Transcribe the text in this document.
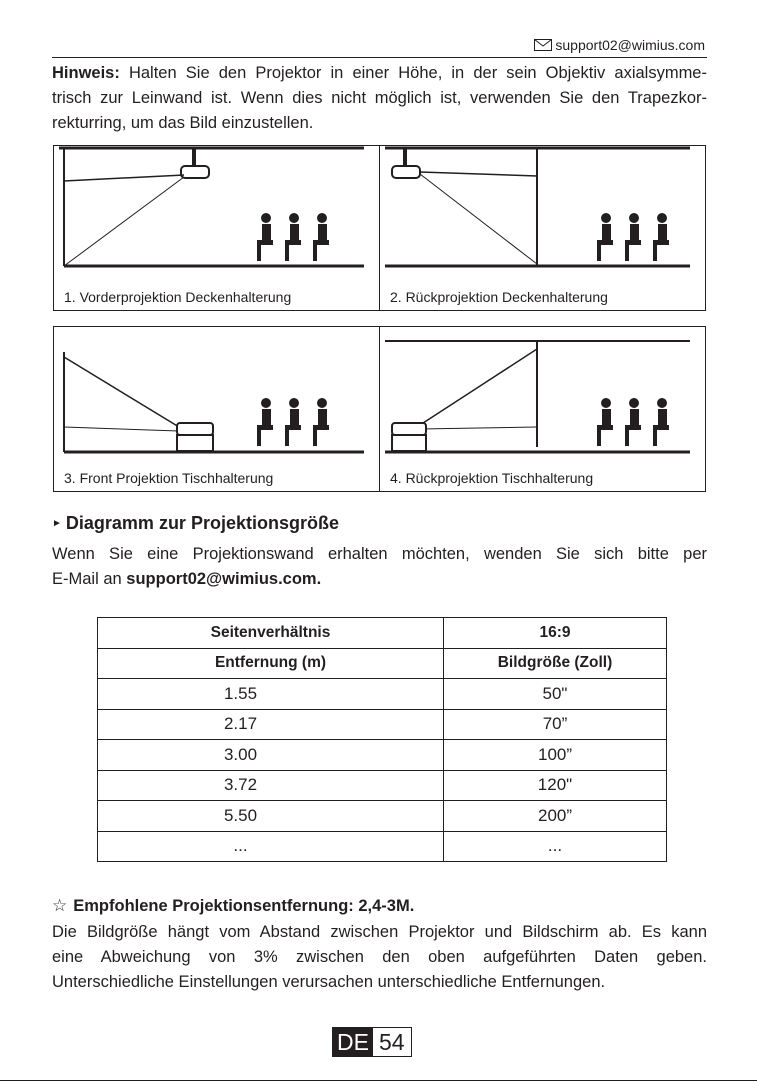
support02@wimius.com

Hinweis: Halten Sie den Projektor in einer Höhe, in der sein Objektiv axialsymme-
trisch zur Leinwand ist. Wenn dies nicht möglich ist, verwenden Sie den Trapezkor-
rekturring, um das Bild einzustellen.

1. Vorderprojektion Deckenhalterung	2. Rückprojektion Deckenhalterung
3. Front Projektion Tischhalterung	4. Rückprojektion Tischhalterung
► Diagramm zur Projektionsgröße

Wenn Sie eine Projektionswand erhalten möchten, wenden Sie sich bitte per
E-Mail an support02@wimius.com.

Seitenverhältnis	16:9
Entfernung (m)	Bildgröße (Zoll)
1.55	50"
2.17	70”
3.00	100”
3.72	120"
5.50	200”
...	...
☆ Empfohlene Projektionsentfernung: 2,4-3M.

Die Bildgröße hängt vom Abstand zwischen Projektor und Bildschirm ab. Es kann
eine Abweichung von 3% zwischen den oben aufgeführten Daten geben.
Unterschiedliche Einstellungen verursachen unterschiedliche Entfernungen.

DE 54
